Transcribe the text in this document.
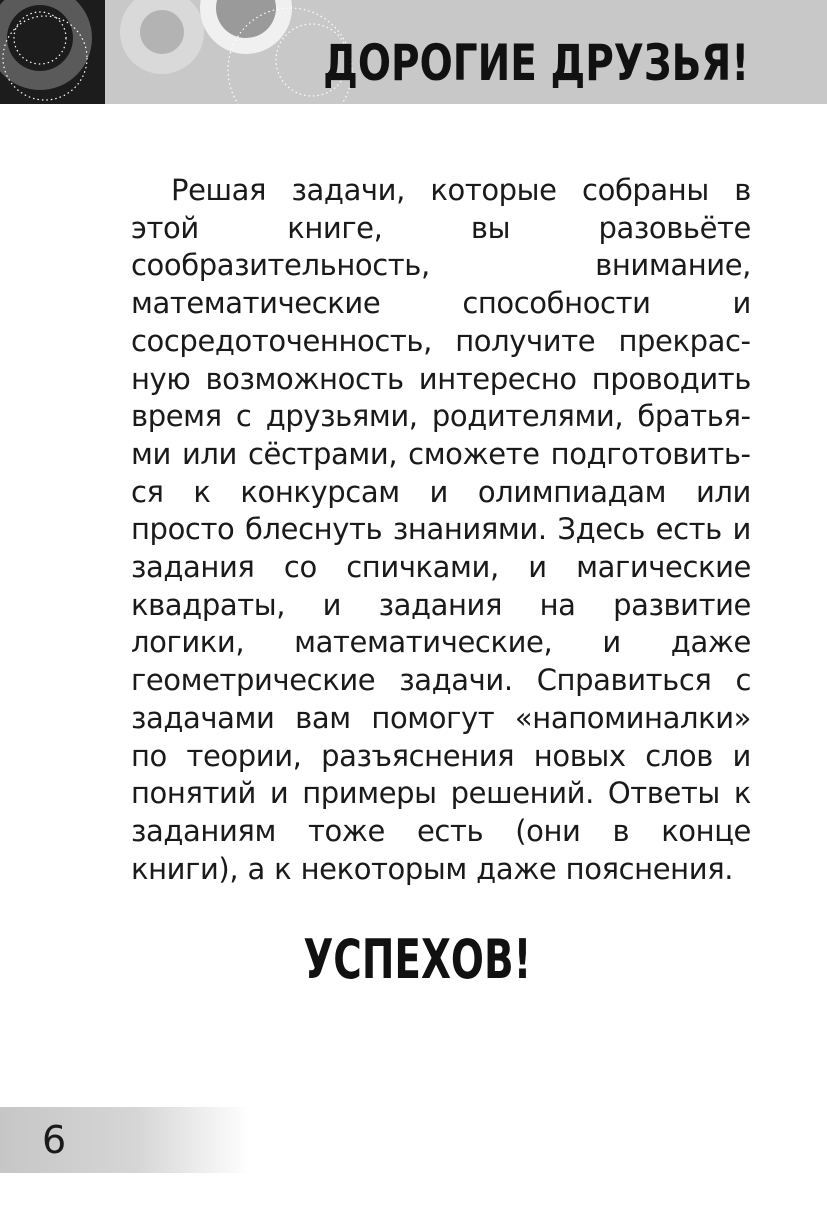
ДОРОГИЕ ДРУЗЬЯ!

Решая задачи, которые собраны в этой книге, вы разовьёте сообразительность, внимание, математические способности и сосредоточенность, получите прекрасную возможность интересно проводить время с друзьями, родителями, братьями или сёстрами, сможете подготовиться к конкурсам и олимпиадам или просто блеснуть знаниями. Здесь есть и задания со спичками, и магические квадраты, и задания на развитие логики, математические, и даже геометрические задачи. Справиться с задачами вам помогут «напоминалки» по теории, разъяснения новых слов и понятий и примеры решений. Ответы к заданиям тоже есть (они в конце книги), а к некоторым даже пояснения.

УСПЕХОВ!
6
